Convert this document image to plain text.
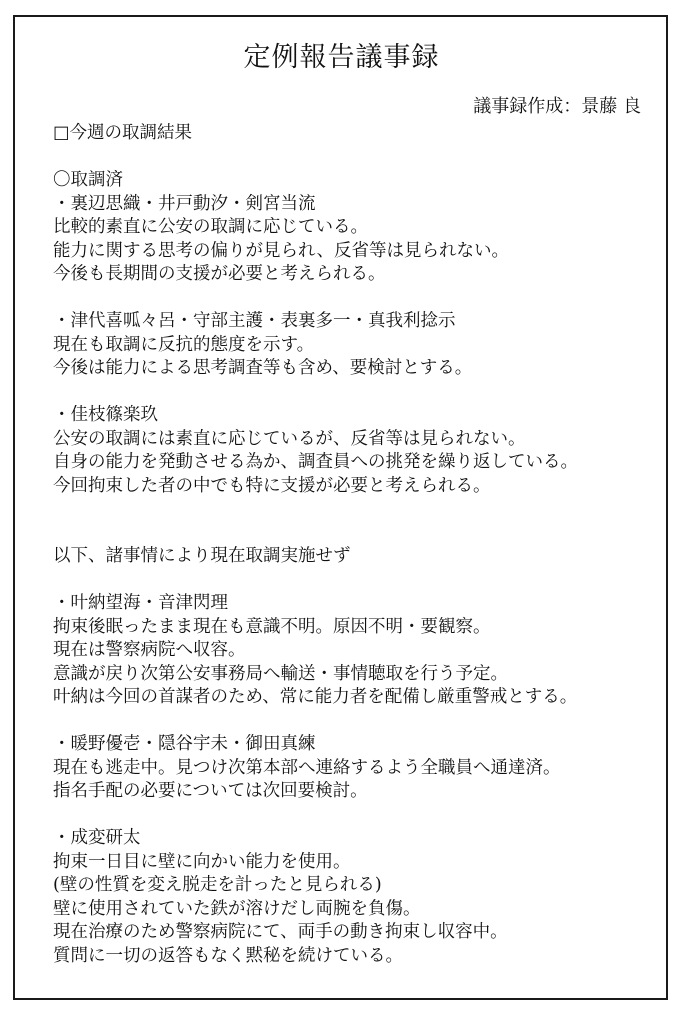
定例報告議事録
議事録作成：景藤 良
□今週の取調結果
〇取調済
・裏辺思織・井戸動汐・剣宮当流
比較的素直に公安の取調に応じている。
能力に関する思考の偏りが見られ、反省等は見られない。
今後も長期間の支援が必要と考えられる。
・津代喜呱々呂・守部主護・表裏多一・真我利捻示
現在も取調に反抗的態度を示す。
今後は能力による思考調査等も含め、要検討とする。
・佳枝篠楽玖
公安の取調には素直に応じているが、反省等は見られない。
自身の能力を発動させる為か、調査員への挑発を繰り返している。
今回拘束した者の中でも特に支援が必要と考えられる。
以下、諸事情により現在取調実施せず
・叶納望海・音津閃理
拘束後眠ったまま現在も意識不明。原因不明・要観察。
現在は警察病院へ収容。
意識が戻り次第公安事務局へ輸送・事情聴取を行う予定。
叶納は今回の首謀者のため、常に能力者を配備し厳重警戒とする。
・暖野優壱・隠谷宇未・御田真練
現在も逃走中。見つけ次第本部へ連絡するよう全職員へ通達済。
指名手配の必要については次回要検討。
・成変研太
拘束一日目に壁に向かい能力を使用。
(壁の性質を変え脱走を計ったと見られる)
壁に使用されていた鉄が溶けだし両腕を負傷。
現在治療のため警察病院にて、両手の動き拘束し収容中。
質問に一切の返答もなく黙秘を続けている。
